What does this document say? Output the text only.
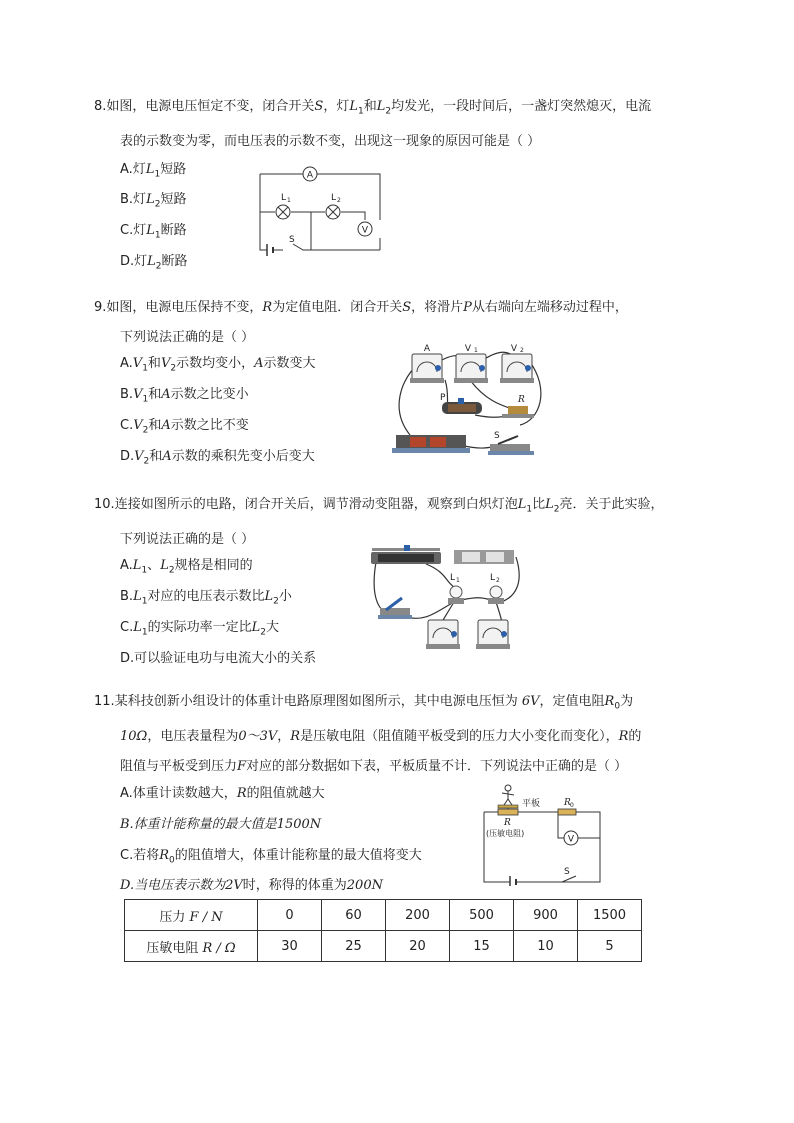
8.如图，电源电压恒定不变，闭合开关S，灯$L_1$和$L_2$均发光，一段时间后，一盏灯突然熄灭，电流
表的示数变为零，而电压表的示数不变，出现这一现象的原因可能是（ ）
A.灯$L_1$短路
B.灯$L_2$短路
C.灯$L_1$断路
D.灯$L_2$断路
A
V
L 1	L 2
S
9.如图，电源电压保持不变，R为定值电阻．闭合开关S，将滑片P从右端向左端移动过程中，
下列说法正确的是（ ）
$A.V_1$和$V_2$示数均变小，A示数变大
$B.V_1$和A示数之比变小
$C.V_2$和A示数之比不变
$D.V_2$和A示数的乘积先变小后变大
A	V 1	V 2
P	R
S
10.连接如图所示的电路，闭合开关后，调节滑动变阻器，观察到白炽灯泡$L_1$比$L_2$亮．关于此实验，
下列说法正确的是（ ）
$A.L_1$、$L_2$规格是相同的
$B.L_1$对应的电压表示数比$L_2$小
$C.L_1$的实际功率一定比$L_2$大
D.可以验证电功与电流大小的关系
L 1	L 2
11.某科技创新小组设计的体重计电路原理图如图所示，其中电源电压恒为 6V，定值电阻$R_0$为
10Ω，电压表量程为0～3V，R是压敏电阻（阻值随平板受到的压力大小变化而变化），R的
阻值与平板受到压力F对应的部分数据如下表，平板质量不计．下列说法中正确的是（ ）
A.体重计读数越大，R的阻值就越大
B.体重计能称量的最大值是1500N
C.若将$R_0$的阻值增大，体重计能称量的最大值将变大
D.当电压表示数为2V时，称得的体重为200N
平板
R
(压敏电阻)
R 0
V
S
压力 F / N	0	60	200	500	900	1500
压敏电阻 R / Ω	30	25	20	15	10	5
